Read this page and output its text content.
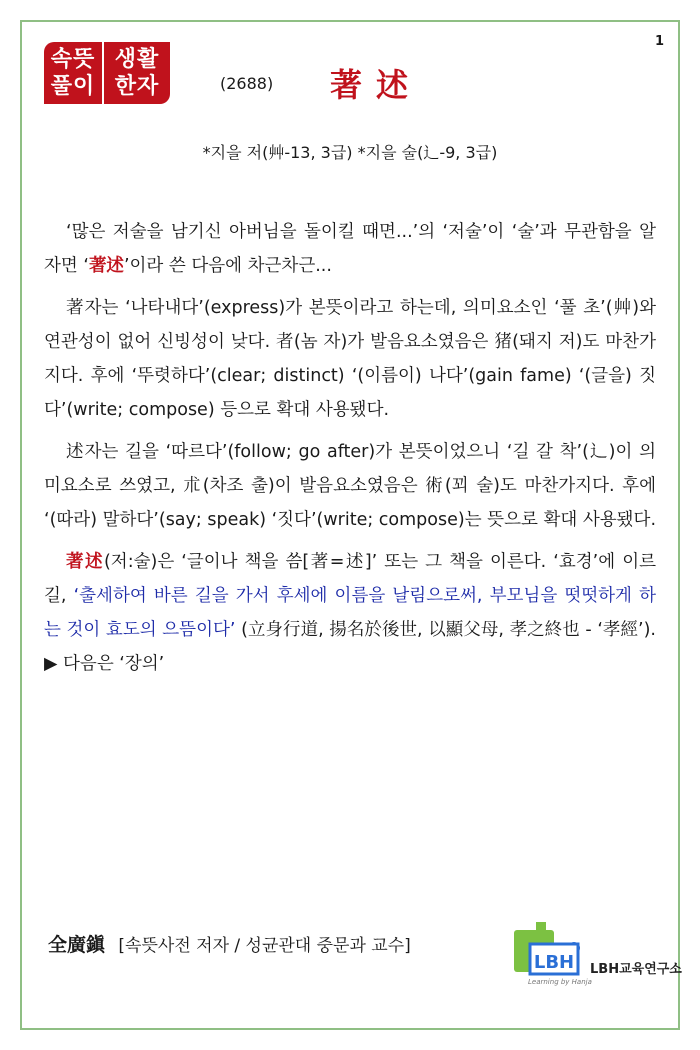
1
속뜻
풀이
생활
한자	(2688) 著述
*지을 저(艸-13, 3급) *지을 술(辶-9, 3급)

‘많은 저술을 남기신 아버님을 돌이킬 때면...’의 ‘저술’이 ‘술’과 무관함을 알자면 ‘著述’이라 쓴 다음에 차근차근...

著자는 ‘나타내다’(express)가 본뜻이라고 하는데, 의미요소인 ‘풀 초’(艸)와 연관성이 없어 신빙성이 낮다. 者(놈 자)가 발음요소였음은 猪(돼지 저)도 마찬가지다. 후에 ‘뚜렷하다’(clear; distinct) ‘(이름이) 나다’(gain fame) ‘(글을) 짓다’(write; compose) 등으로 확대 사용됐다.

述자는 길을 ‘따르다’(follow; go after)가 본뜻이었으니 ‘길 갈 착’(辶)이 의미요소로 쓰였고, 朮(차조 출)이 발음요소였음은 術(꾀 술)도 마찬가지다. 후에 ‘(따라) 말하다’(say; speak) ‘짓다’(write; compose)는 뜻으로 확대 사용됐다.

著述(저:술)은 ‘글이나 책을 씀[著=述]’ 또는 그 책을 이른다. ‘효경’에 이르길, ‘출세하여 바른 길을 가서 후세에 이름을 날림으로써, 부모님을 떳떳하게 하는 것이 효도의 으뜸이다’ (立身行道, 揚名於後世, 以顯父母, 孝之終也 - ‘孝經’). ▶ 다음은 ‘장의’

全廣鎭 [속뜻사전 저자 / 성균관대 중문과 교수]
LBH LBH교육연구소
Learning by Hanja
